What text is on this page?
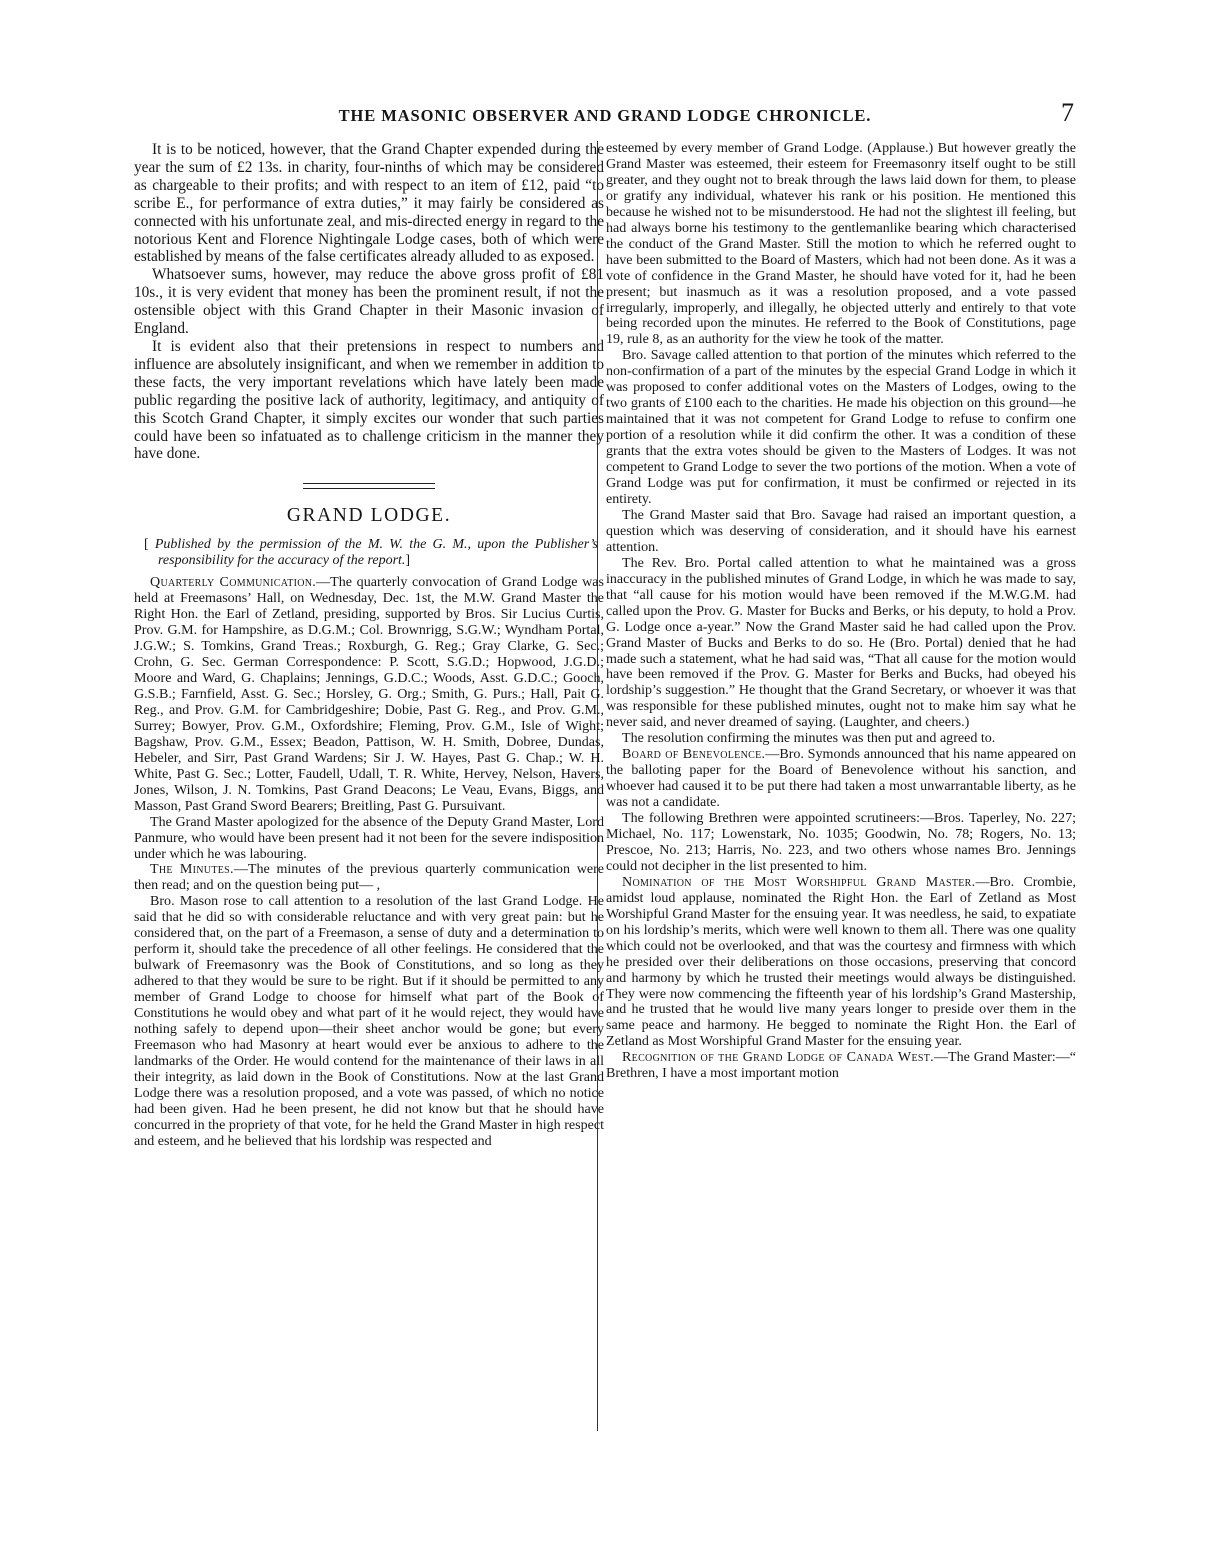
THE MASONIC OBSERVER AND GRAND LODGE CHRONICLE.	7

It is to be noticed, however, that the Grand Chapter expended during the year the sum of £2 13s. in charity, four-ninths of which may be considered as chargeable to their profits; and with respect to an item of £12, paid “to scribe E., for performance of extra duties,” it may fairly be considered as connected with his unfortunate zeal, and mis-directed energy in regard to the notorious Kent and Florence Nightingale Lodge cases, both of which were established by means of the false certificates already alluded to as exposed.

Whatsoever sums, however, may reduce the above gross profit of £81 10s., it is very evident that money has been the prominent result, if not the ostensible object with this Grand Chapter in their Masonic invasion of England.

It is evident also that their pretensions in respect to numbers and influence are absolutely insignificant, and when we remember in addition to these facts, the very important revelations which have lately been made public regarding the positive lack of authority, legitimacy, and antiquity of this Scotch Grand Chapter, it simply excites our wonder that such parties could have been so infatuated as to challenge criticism in the manner they have done.

GRAND LODGE.
[ Published by the permission of the M. W. the G. M., upon the Publisher’s responsibility for the accuracy of the report.]

Quarterly Communication.—The quarterly convocation of Grand Lodge was held at Freemasons’ Hall, on Wednesday, Dec. 1st, the M.W. Grand Master the Right Hon. the Earl of Zetland, presiding, supported by Bros. Sir Lucius Curtis, Prov. G.M. for Hampshire, as D.G.M.; Col. Brownrigg, S.G.W.; Wyndham Portal, J.G.W.; S. Tomkins, Grand Treas.; Roxburgh, G. Reg.; Gray Clarke, G. Sec.; Crohn, G. Sec. German Correspondence: P. Scott, S.G.D.; Hopwood, J.G.D.; Moore and Ward, G. Chaplains; Jennings, G.D.C.; Woods, Asst. G.D.C.; Gooch, G.S.B.; Farnfield, Asst. G. Sec.; Horsley, G. Org.; Smith, G. Purs.; Hall, Pait G. Reg., and Prov. G.M. for Cambridgeshire; Dobie, Past G. Reg., and Prov. G.M., Surrey; Bowyer, Prov. G.M., Oxfordshire; Fleming, Prov. G.M., Isle of Wight; Bagshaw, Prov. G.M., Essex; Beadon, Pattison, W. H. Smith, Dobree, Dundas, Hebeler, and Sirr, Past Grand Wardens; Sir J. W. Hayes, Past G. Chap.; W. H. White, Past G. Sec.; Lotter, Faudell, Udall, T. R. White, Hervey, Nelson, Havers, Jones, Wilson, J. N. Tomkins, Past Grand Deacons; Le Veau, Evans, Biggs, and Masson, Past Grand Sword Bearers; Breitling, Past G. Pursuivant.

The Grand Master apologized for the absence of the Deputy Grand Master, Lord Panmure, who would have been present had it not been for the severe indisposition under which he was labouring.

The Minutes.—The minutes of the previous quarterly communication were then read; and on the question being put— ,

Bro. Mason rose to call attention to a resolution of the last Grand Lodge. He said that he did so with considerable reluctance and with very great pain: but he considered that, on the part of a Freemason, a sense of duty and a determination to perform it, should take the precedence of all other feelings. He considered that the bulwark of Freemasonry was the Book of Constitutions, and so long as they adhered to that they would be sure to be right. But if it should be permitted to any member of Grand Lodge to choose for himself what part of the Book of Constitutions he would obey and what part of it he would reject, they would have nothing safely to depend upon—their sheet anchor would be gone; but every Freemason who had Masonry at heart would ever be anxious to adhere to the landmarks of the Order. He would contend for the maintenance of their laws in all their integrity, as laid down in the Book of Constitutions. Now at the last Grand Lodge there was a resolution proposed, and a vote was passed, of which no notice had been given. Had he been present, he did not know but that he should have concurred in the propriety of that vote, for he held the Grand Master in high respect and esteem, and he believed that his lordship was respected and

esteemed by every member of Grand Lodge. (Applause.) But however greatly the Grand Master was esteemed, their esteem for Freemasonry itself ought to be still greater, and they ought not to break through the laws laid down for them, to please or gratify any individual, whatever his rank or his position. He mentioned this because he wished not to be misunderstood. He had not the slightest ill feeling, but had always borne his testimony to the gentlemanlike bearing which characterised the conduct of the Grand Master. Still the motion to which he referred ought to have been submitted to the Board of Masters, which had not been done. As it was a vote of confidence in the Grand Master, he should have voted for it, had he been present; but inasmuch as it was a resolution proposed, and a vote passed irregularly, improperly, and illegally, he objected utterly and entirely to that vote being recorded upon the minutes. He referred to the Book of Constitutions, page 19, rule 8, as an authority for the view he took of the matter.

Bro. Savage called attention to that portion of the minutes which referred to the non-confirmation of a part of the minutes by the especial Grand Lodge in which it was proposed to confer additional votes on the Masters of Lodges, owing to the two grants of £100 each to the charities. He made his objection on this ground—he maintained that it was not competent for Grand Lodge to refuse to confirm one portion of a resolution while it did confirm the other. It was a condition of these grants that the extra votes should be given to the Masters of Lodges. It was not competent to Grand Lodge to sever the two portions of the motion. When a vote of Grand Lodge was put for confirmation, it must be confirmed or rejected in its entirety.

The Grand Master said that Bro. Savage had raised an important question, a question which was deserving of consideration, and it should have his earnest attention.

The Rev. Bro. Portal called attention to what he maintained was a gross inaccuracy in the published minutes of Grand Lodge, in which he was made to say, that “all cause for his motion would have been removed if the M.W.G.M. had called upon the Prov. G. Master for Bucks and Berks, or his deputy, to hold a Prov. G. Lodge once a-year.” Now the Grand Master said he had called upon the Prov. Grand Master of Bucks and Berks to do so. He (Bro. Portal) denied that he had made such a statement, what he had said was, “That all cause for the motion would have been removed if the Prov. G. Master for Berks and Bucks, had obeyed his lordship’s suggestion.” He thought that the Grand Secretary, or whoever it was that was responsible for these published minutes, ought not to make him say what he never said, and never dreamed of saying. (Laughter, and cheers.)

The resolution confirming the minutes was then put and agreed to.

Board of Benevolence.—Bro. Symonds announced that his name appeared on the balloting paper for the Board of Benevolence without his sanction, and whoever had caused it to be put there had taken a most unwarrantable liberty, as he was not a candidate.

The following Brethren were appointed scrutineers:—Bros. Taperley, No. 227; Michael, No. 117; Lowenstark, No. 1035; Goodwin, No. 78; Rogers, No. 13; Prescoe, No. 213; Harris, No. 223, and two others whose names Bro. Jennings could not decipher in the list presented to him.

Nomination of the Most Worshipful Grand Master.—Bro. Crombie, amidst loud applause, nominated the Right Hon. the Earl of Zetland as Most Worshipful Grand Master for the ensuing year. It was needless, he said, to expatiate on his lordship’s merits, which were well known to them all. There was one quality which could not be overlooked, and that was the courtesy and firmness with which he presided over their deliberations on those occasions, preserving that concord and harmony by which he trusted their meetings would always be distinguished. They were now commencing the fifteenth year of his lordship’s Grand Mastership, and he trusted that he would live many years longer to preside over them in the same peace and harmony. He begged to nominate the Right Hon. the Earl of Zetland as Most Worshipful Grand Master for the ensuing year.

Recognition of the Grand Lodge of Canada West.—The Grand Master:—“ Brethren, I have a most important motion
